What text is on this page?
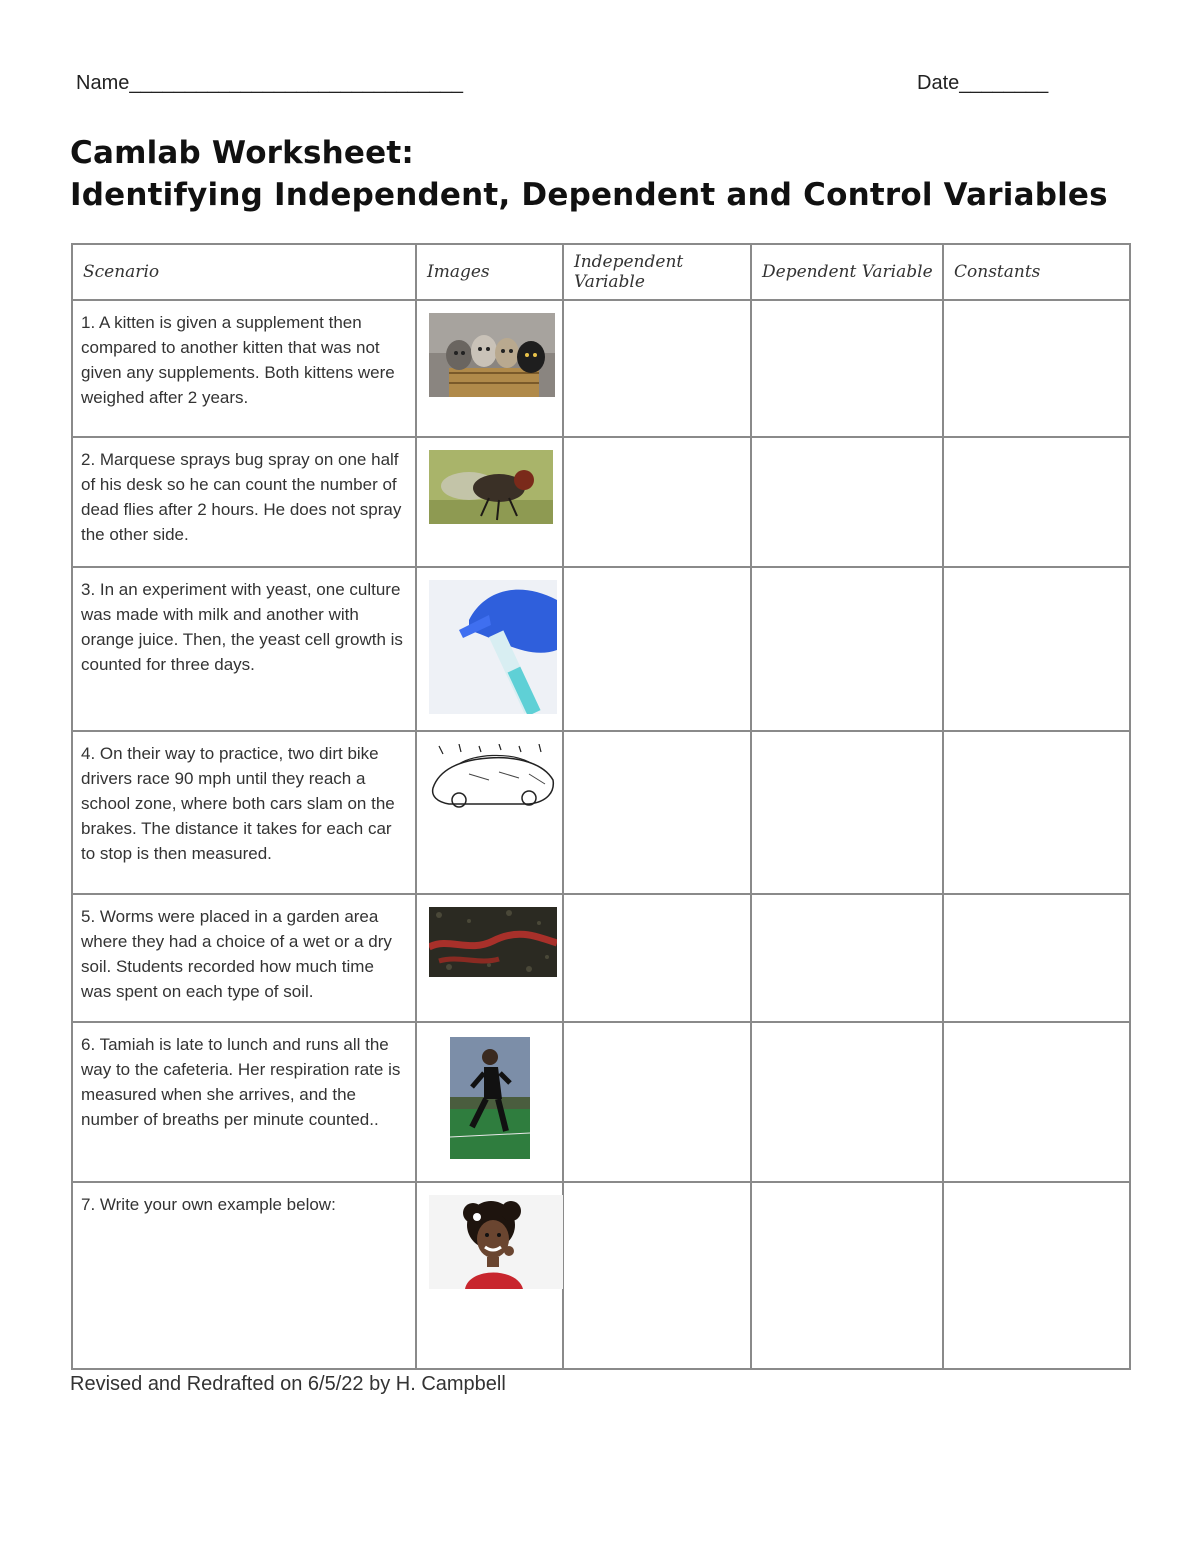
Name______________________________	Date________
Camlab Worksheet:
Identifying Independent, Dependent and Control Variables
Scenario	Images	Independent Variable	Dependent Variable	Constants
1. A kitten is given a supplement then compared to another kitten that was not given any supplements. Both kittens were weighed after 2 years.	

2. Marquese sprays bug spray on one half of his desk so he can count the number of dead flies after 2 hours. He does not spray the other side.	

3. In an experiment with yeast, one culture was made with milk and another with orange juice. Then, the yeast cell growth is counted for three days.	

4. On their way to practice, two dirt bike drivers race 90 mph until they reach a school zone, where both cars slam on the brakes. The distance it takes for each car to stop is then measured.	

5. Worms were placed in a garden area where they had a choice of a wet or a dry soil. Students recorded how much time was spent on each type of soil.	

6. Tamiah is late to lunch and runs all the way to the cafeteria. Her respiration rate is measured when she arrives, and the number of breaths per minute counted..	

7. Write your own example below:	

Revised and Redrafted on 6/5/22 by H. Campbell
